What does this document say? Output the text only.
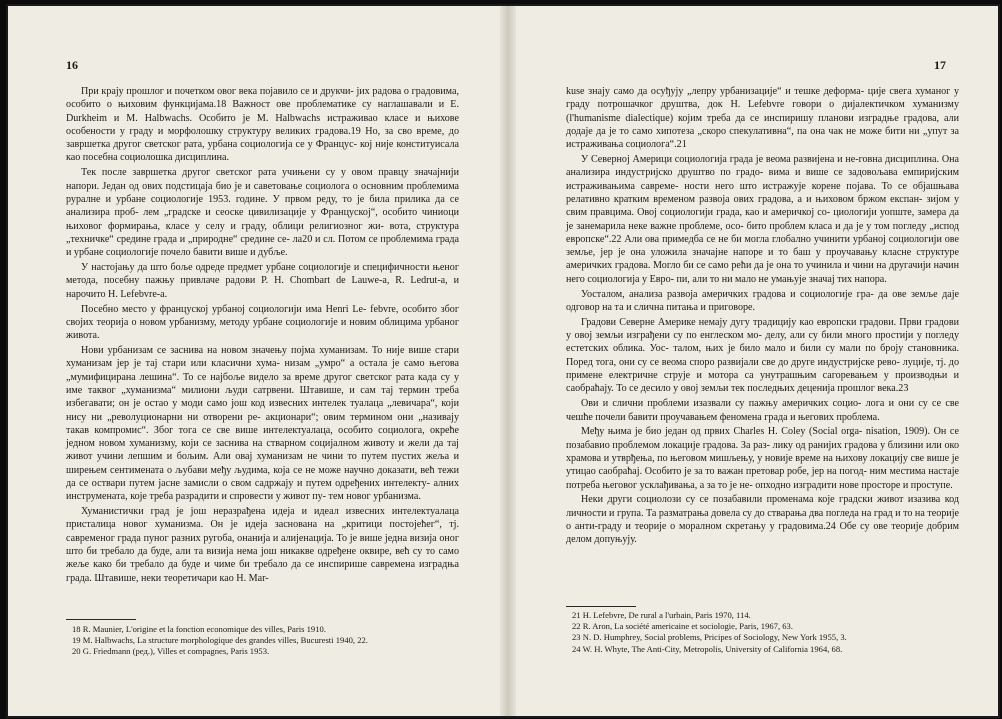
16

При крају прошлог и почетком овог века појавило се и друкчи- јих радова о градовима, особито о њиховим функцијама.18 Важност ове проблематике су наглашавали и E. Durkheim и M. Halbwachs. Особито је M. Halbwachs истраживао класе и њихове особености у граду и морфолошку структуру великих градова.19 Но, за сво време, до завршетка другог светског рата, урбана социологија се у Францус- кој није конституисала као посебна социолошка дисциплина.

Тек после завршетка другог светског рата учињени су у овом правцу значајнији напори. Један од ових подстицаја био је и саветовање социолога о основним проблемима руралне и урбане социологије 1953. године. У првом реду, то је била прилика да се анализира проб- лем „градске и сеоске цивилизације у Француској“, особито чиниоци њиховог формирања, класе у селу и граду, облици религиозног жи- вота, структура „техничке“ средине града и „природне“ средине се- ла20 и сл. Потом се проблемима града и урбане социологије почело бавити више и дубље.

У настојању да што боље одреде предмет урбане социологије и специфичности њеног метода, посебну пажњу привлаче радови P. H. Chombart de Lauwe-a, R. Ledrut-a, и нарочито H. Lefebvre-a.

Посебно место у француској урбаној социологији има Henri Le- febvre, особито због својих теорија о новом урбанизму, методу урбане социологије и новим облицима урбаног живота.

Нови урбанизам се заснива на новом значењу појма хуманизам. То није више стари хуманизам јер је тај стари или класични хума- низам „умро“ а остала је само његова „мумифицирана лешина“. То се најбоље видело за време другог светског рата када су у име таквог „хуманизма“ милиони људи сатрвени. Штавише, и сам тај термин треба избегавати; он је остао у моди само још код извесних интелек туалаца „левичара“, који нису ни „револуционарни ни отворени ре- акционари“; овим термином они „називају такав компромис“. Због тога се све више интелектуалаца, особито социолога, окреће једном новом хуманизму, који се заснива на стварном социјалном животу и жели да тај живот учини лепшим и бољим. Али овај хуманизам не чини то путем пустих жеља и ширењем сентимената о љубави међу људима, која се не може научно доказати, већ тежи да се оствари путем јасне замисли о свом садржају и путем одређених интелекту- алних инструмената, које треба разрадити и спровести у живот пу- тем новог урбанизма.

Хуманистички град је још неразрађена идеја и идеал извесних интелектуалаца присталица новог хуманизма. Он је идеја заснована на „критици постојећег“, тј. савременог града пуног разних ругоба, онанија и алијенација. То је више једна визија оног што би требало да буде, али та визија нема још никакве одређене оквире, већ су то само жеље како би требало да буде и чиме би требало да се инспирише савремена изградња града. Штавише, неки теоретичари као H. Mar-

18 R. Maunier, L'origine et la fonction economique des villes, Paris 1910.

19 M. Halbwachs, La structure morphologique des grandes villes, Bucuresti 1940, 22.

20 G. Friedmann (ред.), Villes et compagnes, Paris 1953.

17

kuse знају само да осуђују „лепру урбанизације“ и тешке деформа- ције свега хуманог у граду потрошачког друштва, док H. Lefebvre говори о дијалектичком хуманизму (l'humanisme dialectique) којим треба да се инспиришу планови изградње градова, али додаје да је то само хипотеза „скоро спекулативна“, па она чак не може бити ни „упут за истраживања социолога“.21

У Северној Америци социологија града је веома развијена и не-говна дисциплина. Она анализира индустријско друштво по градо- вима и више се задовољава емпиријским истраживањима савреме- ности него што истражује корене појава. То се објашњава релативно кратким временом развоја ових градова, а и њиховом бржом експан- зијом у свим правцима. Овој социологији града, као и америчкој со- циологији уопште, замера да је занемарила неке важне проблеме, осо- бито проблем класа и да је у том погледу „испод европске“.22 Али ова примедба се не би могла глобално учинити урбаној социологији ове земље, јер је она уложила значајне напоре и то баш у проучавању класне структуре америчких градова. Могло би се само рећи да је она то учинила и чини на другачији начин него социологија у Евро- пи, али то ни мало не умањује значај тих напора.

Уосталом, анализа развоја америчких градова и социологије гра- да ове земље даје одговор на та и слична питања и приговоре.

Градови Северне Америке немају дугу традицију као европски градови. Први градови у овој земљи изграђени су по енглеском мо- делу, али су били много простији у погледу естетских облика. Уос- талом, њих је било мало и били су мали по броју становника. Поред тога, они су се веома споро развијали све до друге индустријске рево- луције, тј. до примене електричне струје и мотора са унутрашњим сагоревањем у производњи и саобраћају. То се десило у овој земљи тек последњих деценија прошлог века.23

Ови и слични проблеми изазвали су пажњу америчких социо- лога и они су се све чешће почели бавити проучавањем феномена града и његових проблема.

Међу њима је био један од првих Charles H. Coley (Social orga- nisation, 1909). Он се позабавио проблемом локације градова. За раз- лику од ранијих градова у близини или око храмова и утврђења, по његовом мишљењу, у новије време на њихову локацију све више је утицао саобраћај. Особито је за то важан претовар робе, јер на погод- ним местима настаје потреба његовог усклађивања, а за то је не- опходно изградити нове просторе и проступе.

Неки други социолози су се позабавили променама које градски живот изазива код личности и група. Та разматрања довела су до стварања два погледа на град и то на теорије о анти-граду и теорије о моралном скретању у градовима.24 Обе су ове теорије добрим делом допуњују.

21 H. Lefebvre, De rural a l'urbain, Paris 1970, 114.

22 R. Aron, La société americaine et sociologie, Paris, 1967, 63.

23 N. D. Humphrey, Social problems, Pricipes of Sociology, New York 1955, 3.

24 W. H. Whyte, The Anti-City, Metropolis, University of California 1964, 68.
